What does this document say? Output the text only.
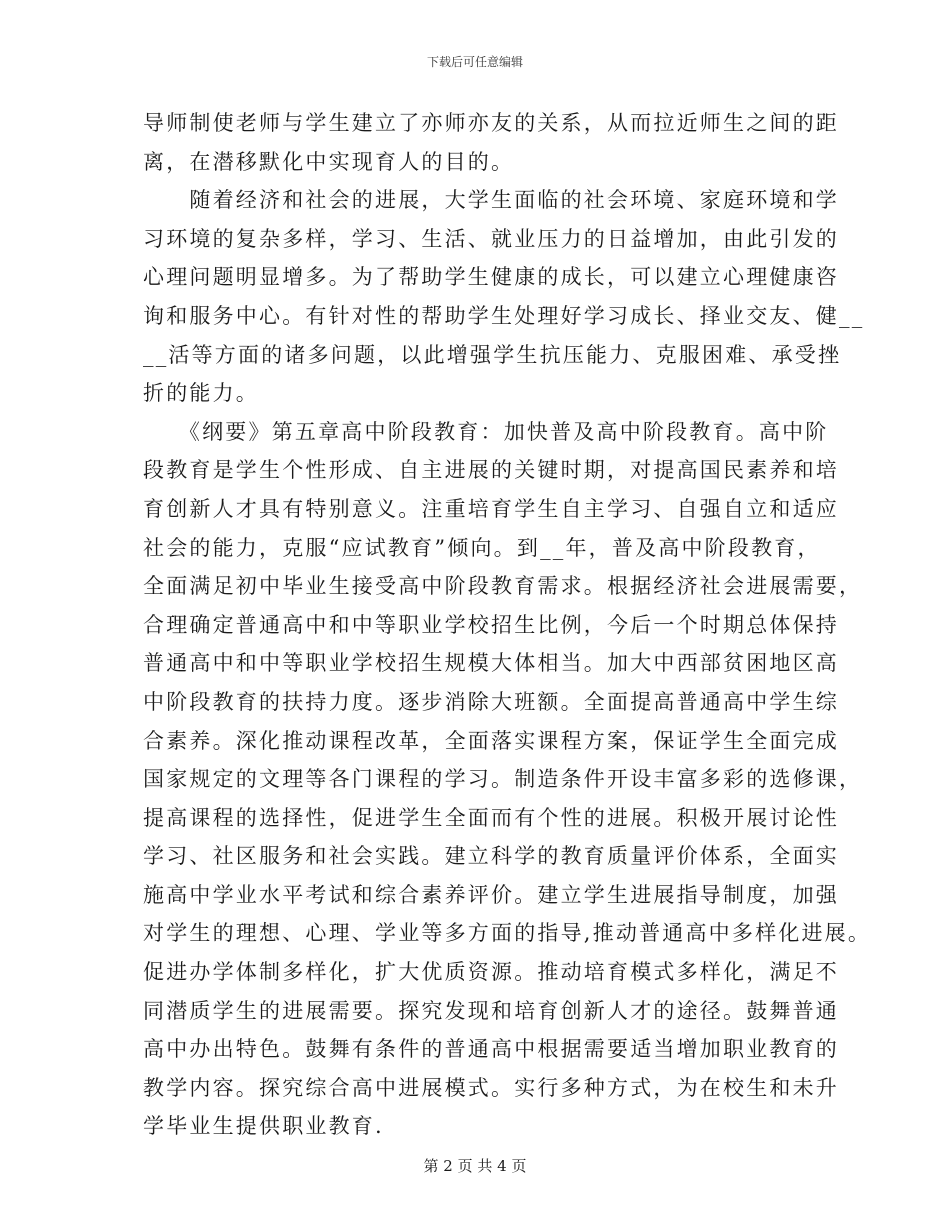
下载后可任意编辑
导师制使老师与学生建立了亦师亦友的关系，从而拉近师生之间的距
离，在潜移默化中实现育人的目的。
　　随着经济和社会的进展，大学生面临的社会环境、家庭环境和学
习环境的复杂多样，学习、生活、就业压力的日益增加，由此引发的
心理问题明显增多。为了帮助学生健康的成长，可以建立心理健康咨
询和服务中心。有针对性的帮助学生处理好学习成长、择业交友、健__
__活等方面的诸多问题，以此增强学生抗压能力、克服困难、承受挫
折的能力。
　　《纲要》第五章高中阶段教育：加快普及高中阶段教育。高中阶
段教育是学生个性形成、自主进展的关键时期，对提高国民素养和培
育创新人才具有特别意义。注重培育学生自主学习、自强自立和适应
社会的能力，克服“应试教育”倾向。到__年，普及高中阶段教育，
全面满足初中毕业生接受高中阶段教育需求。根据经济社会进展需要，
合理确定普通高中和中等职业学校招生比例，今后一个时期总体保持
普通高中和中等职业学校招生规模大体相当。加大中西部贫困地区高
中阶段教育的扶持力度。逐步消除大班额。全面提高普通高中学生综
合素养。深化推动课程改革，全面落实课程方案，保证学生全面完成
国家规定的文理等各门课程的学习。制造条件开设丰富多彩的选修课，
提高课程的选择性，促进学生全面而有个性的进展。积极开展讨论性
学习、社区服务和社会实践。建立科学的教育质量评价体系，全面实
施高中学业水平考试和综合素养评价。建立学生进展指导制度，加强
对学生的理想、心理、学业等多方面的指导,推动普通高中多样化进展。
促进办学体制多样化，扩大优质资源。推动培育模式多样化，满足不
同潜质学生的进展需要。探究发现和培育创新人才的途径。鼓舞普通
高中办出特色。鼓舞有条件的普通高中根据需要适当增加职业教育的
教学内容。探究综合高中进展模式。实行多种方式，为在校生和未升
学毕业生提供职业教育.
第 2 页 共 4 页
